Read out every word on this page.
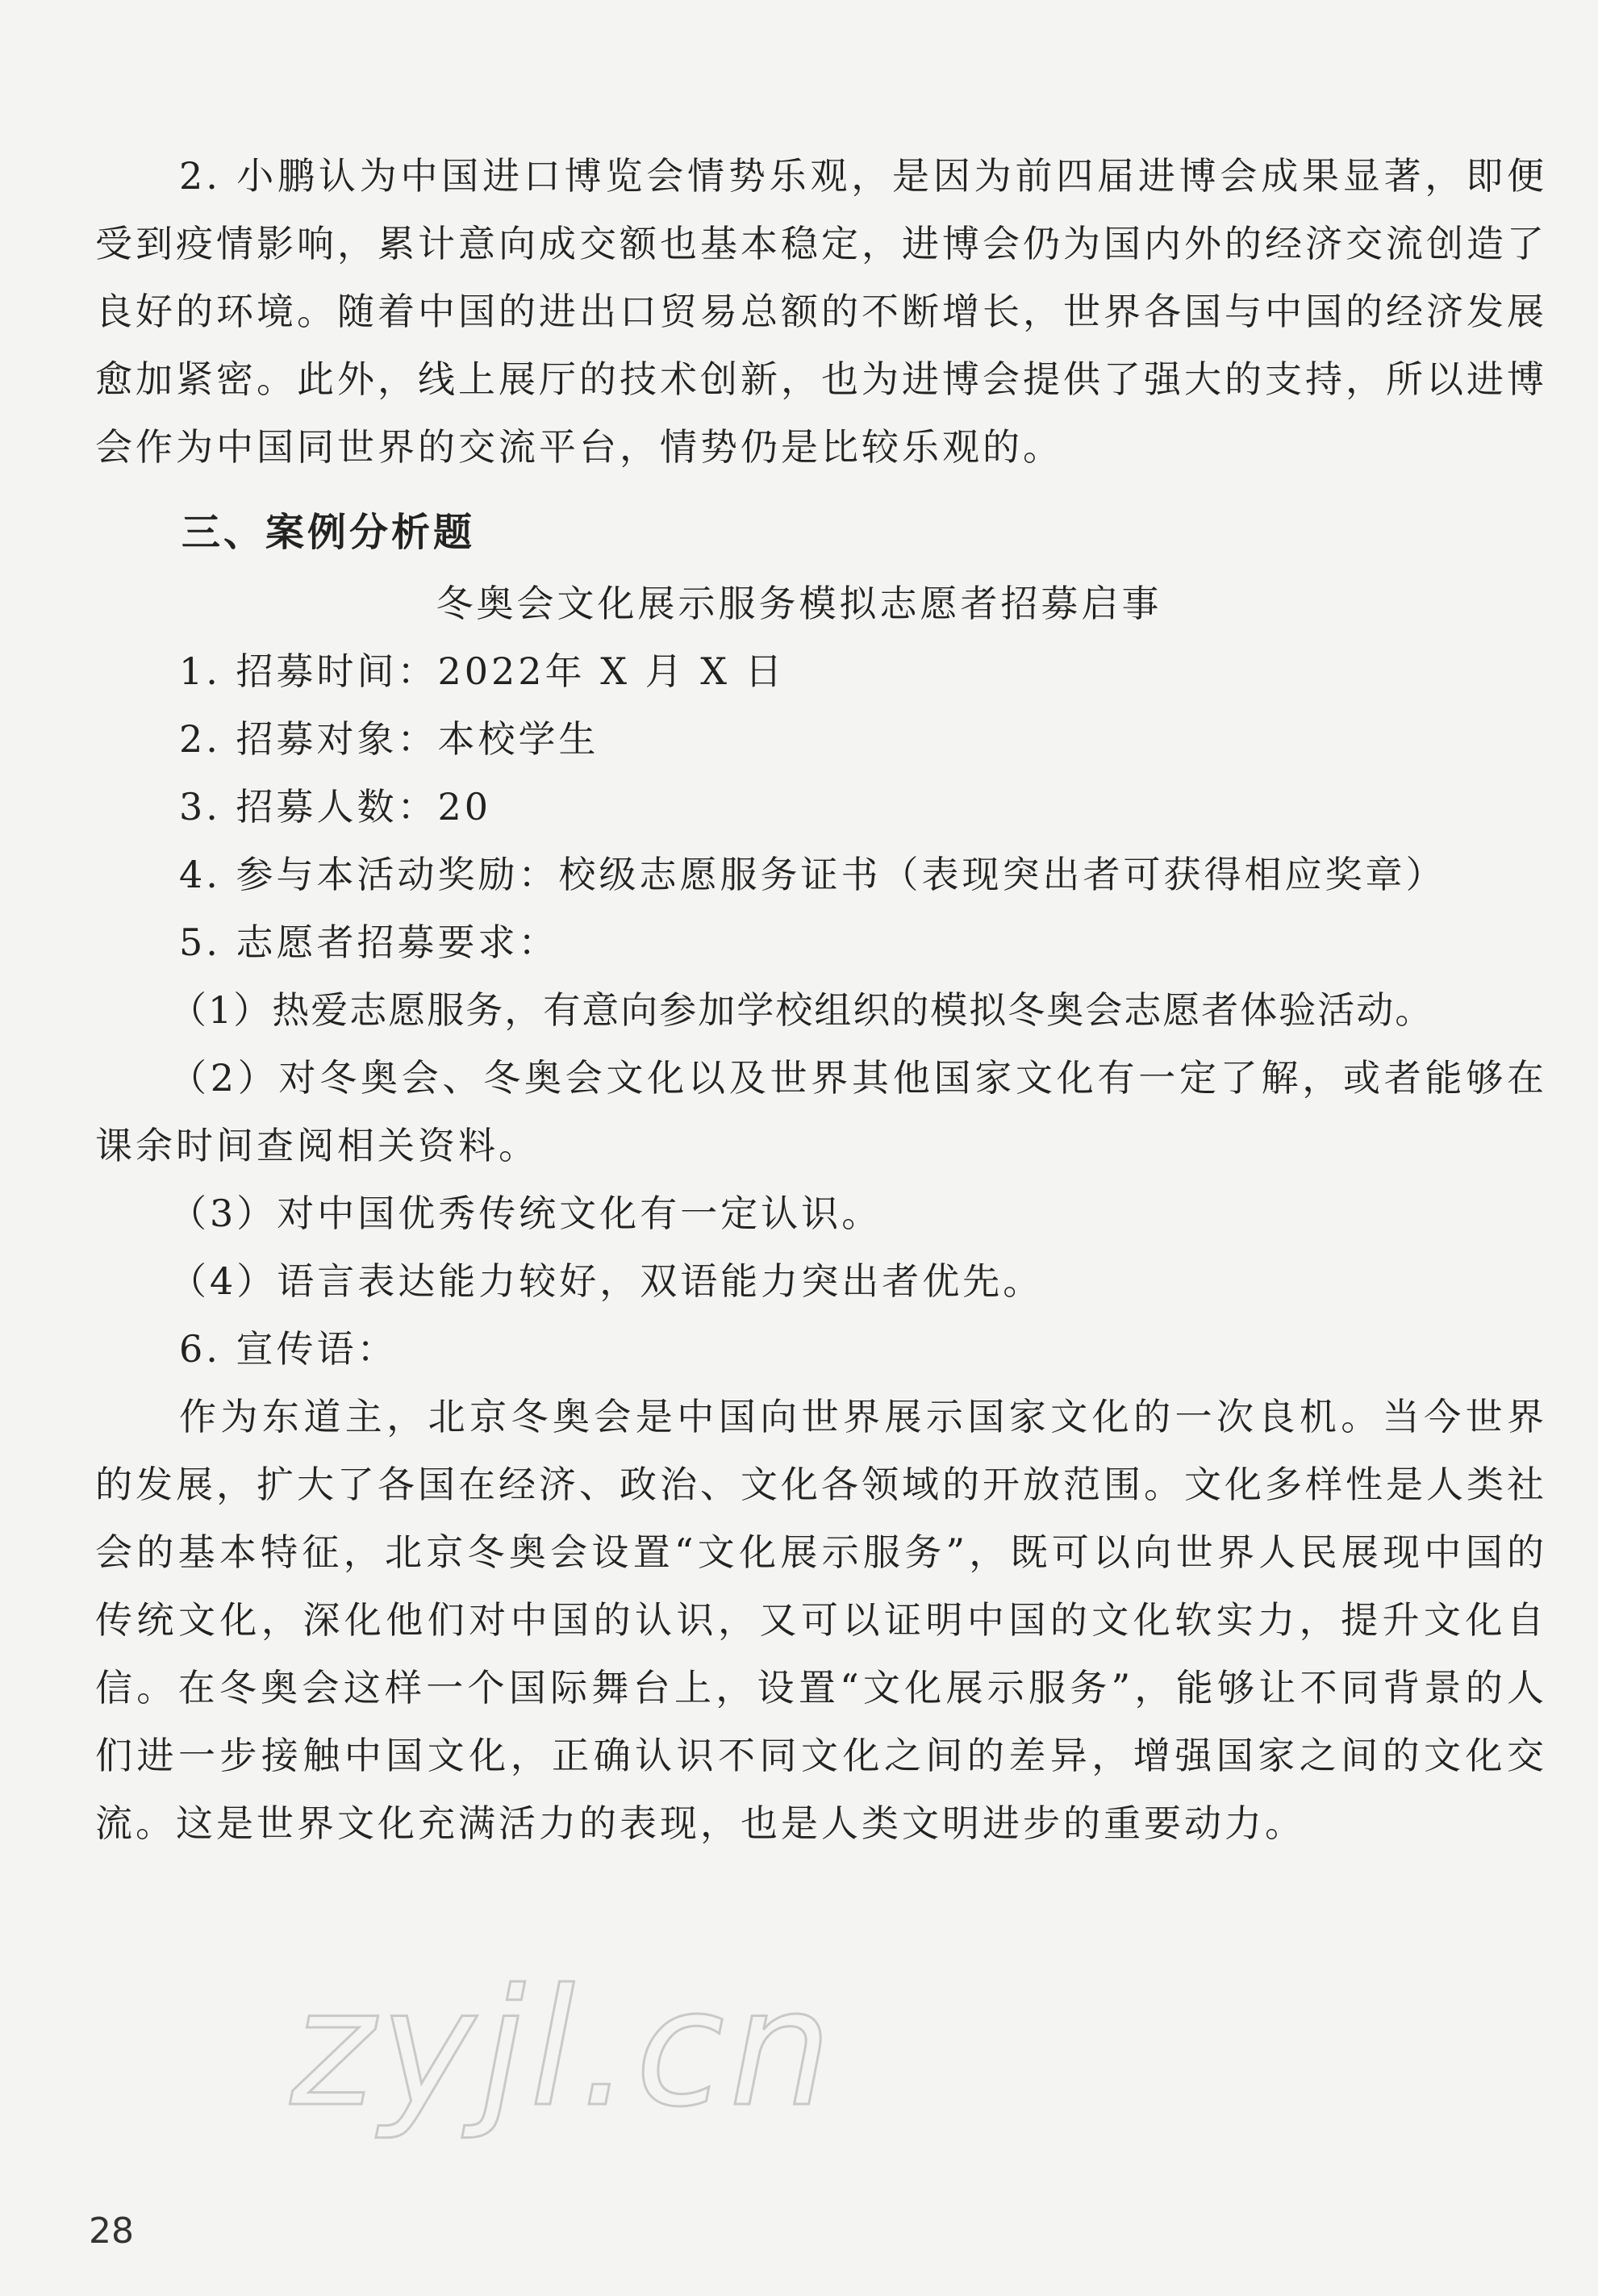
2. 小鹏认为中国进口博览会情势乐观，是因为前四届进博会成果显著，即便受到疫情影响，累计意向成交额也基本稳定，进博会仍为国内外的经济交流创造了良好的环境。随着中国的进出口贸易总额的不断增长，世界各国与中国的经济发展愈加紧密。此外，线上展厅的技术创新，也为进博会提供了强大的支持，所以进博会作为中国同世界的交流平台，情势仍是比较乐观的。

三、案例分析题

冬奥会文化展示服务模拟志愿者招募启事

1. 招募时间：2022年 X 月 X 日

2. 招募对象：本校学生

3. 招募人数：20

4. 参与本活动奖励：校级志愿服务证书（表现突出者可获得相应奖章）

5. 志愿者招募要求：

（1）热爱志愿服务，有意向参加学校组织的模拟冬奥会志愿者体验活动。

（2）对冬奥会、冬奥会文化以及世界其他国家文化有一定了解，或者能够在课余时间查阅相关资料。

（3）对中国优秀传统文化有一定认识。

（4）语言表达能力较好，双语能力突出者优先。

6. 宣传语：

作为东道主，北京冬奥会是中国向世界展示国家文化的一次良机。当今世界的发展，扩大了各国在经济、政治、文化各领域的开放范围。文化多样性是人类社会的基本特征，北京冬奥会设置“文化展示服务”，既可以向世界人民展现中国的传统文化，深化他们对中国的认识，又可以证明中国的文化软实力，提升文化自信。在冬奥会这样一个国际舞台上，设置“文化展示服务”，能够让不同背景的人们进一步接触中国文化，正确认识不同文化之间的差异，增强国家之间的文化交流。这是世界文化充满活力的表现，也是人类文明进步的重要动力。

zyjl.cn
28
